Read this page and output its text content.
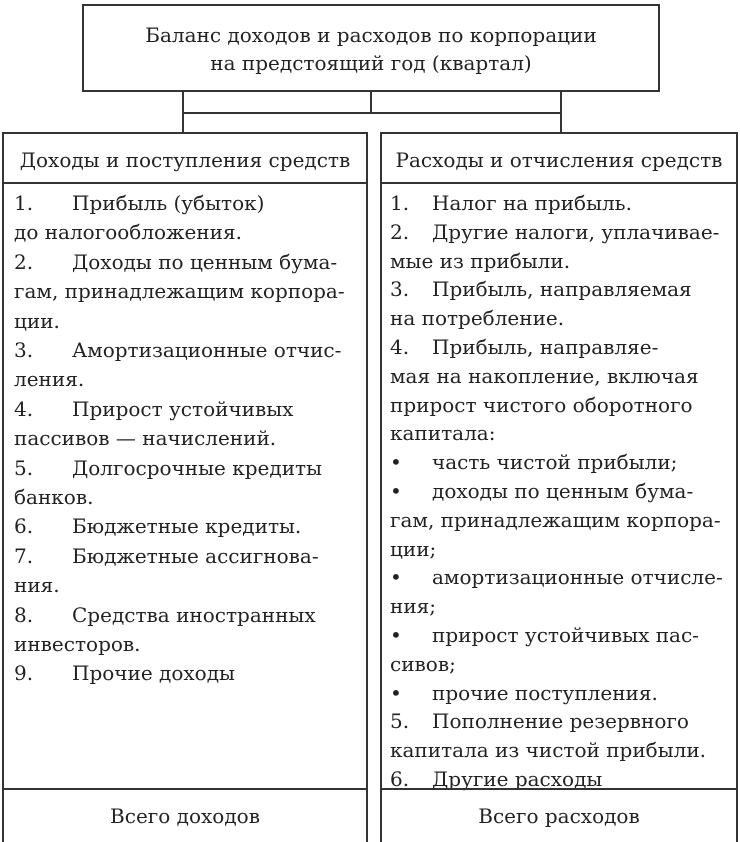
Баланс доходов и расходов по корпорации
на предстоящий год (квартал)
Доходы и поступления средств
1. Прибыль (убыток)
до налогообложения.
2. Доходы по ценным бума-
гам, принадлежащим корпора-
ции.
3. Амортизационные отчис-
ления.
4. Прирост устойчивых
пассивов — начислений.
5. Долгосрочные кредиты
банков.
6. Бюджетные кредиты.
7. Бюджетные ассигнова-
ния.
8. Средства иностранных
инвесторов.
9. Прочие доходы
Всего доходов
Расходы и отчисления средств
1. Налог на прибыль.
2. Другие налоги, уплачивае-
мые из прибыли.
3. Прибыль, направляемая
на потребление.
4. Прибыль, направляе-
мая на накопление, включая
прирост чистого оборотного
капитала:
• часть чистой прибыли;
• доходы по ценным бума-
гам, принадлежащим корпора-
ции;
• амортизационные отчисле-
ния;
• прирост устойчивых пас-
сивов;
• прочие поступления.
5. Пополнение резервного
капитала из чистой прибыли.
6. Другие расходы
Всего расходов
